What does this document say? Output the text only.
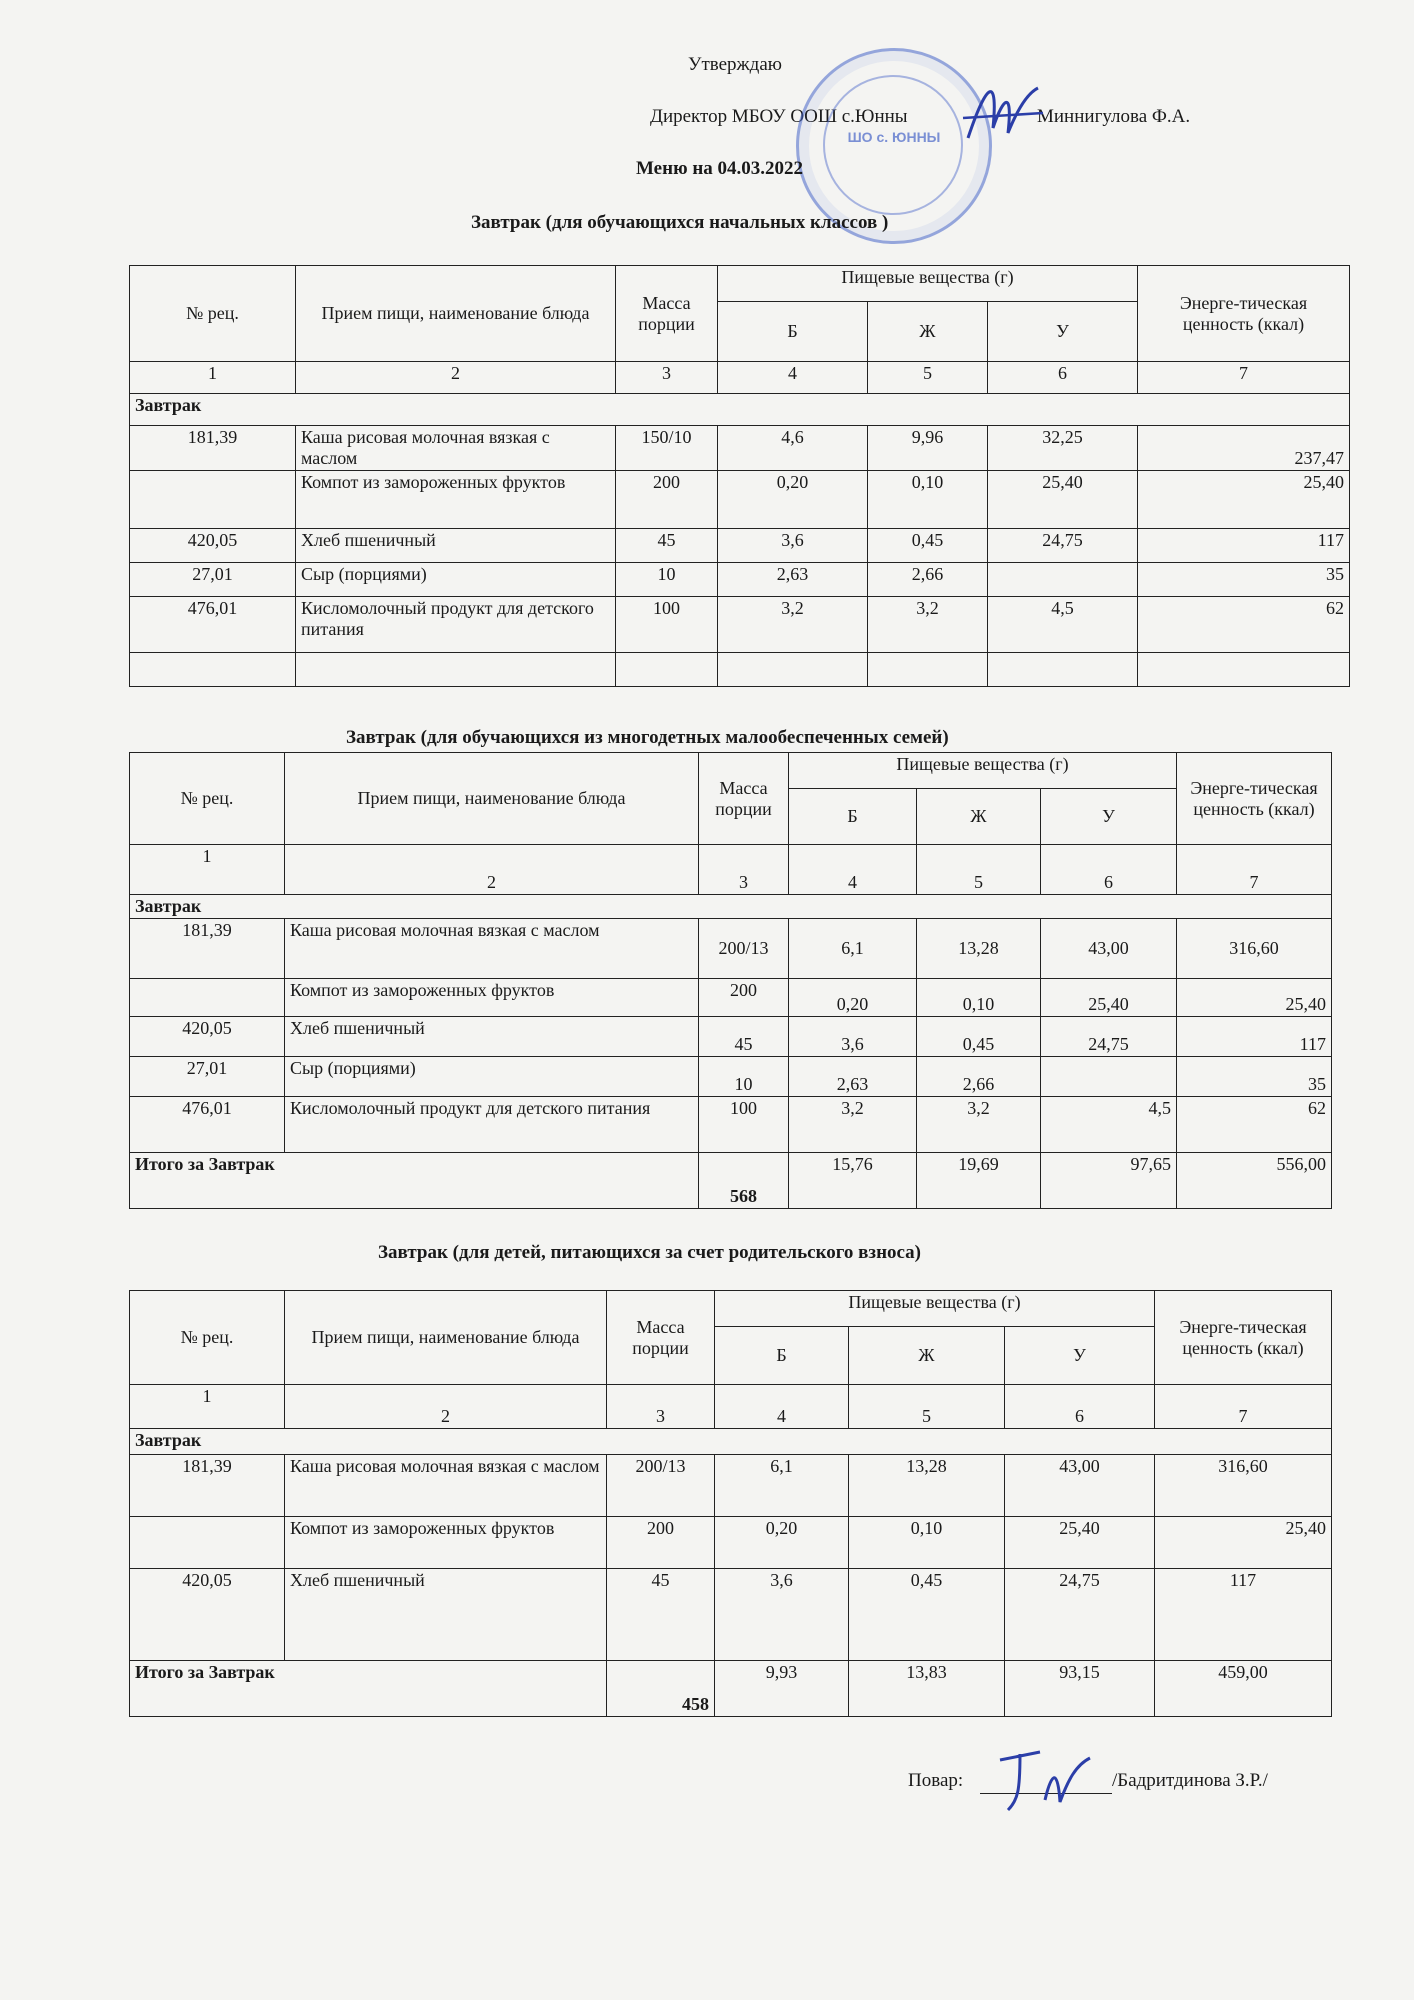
Утверждаю
Директор МБОУ ООШ с.Юнны	Миннигулова Ф.А.
ШО с. ЮННЫ
Меню на 04.03.2022
Завтрак (для обучающихся начальных классов )
№ рец.	Прием пищи, наименование блюда	Масса порции	Пищевые вещества (г)			Энерге-тическая ценность (ккал)
			Б	Ж	У	
1	2	3	4	5	6	7
Завтрак						
181,39	Каша рисовая молочная вязкая с маслом	150/10	4,6	9,96	32,25	237,47
	Компот из замороженных фруктов	200	0,20	0,10	25,40	25,40
420,05	Хлеб пшеничный	45	3,6	0,45	24,75	117
27,01	Сыр (порциями)	10	2,63	2,66		35
476,01	Кисломолочный продукт для детского питания	100	3,2	3,2	4,5	62

Завтрак (для обучающихся из многодетных малообеспеченных семей)
№ рец.	Прием пищи, наименование блюда	Масса порции	Пищевые вещества (г)			Энерге-тическая ценность (ккал)
			Б	Ж	У	
1	2	3	4	5	6	7
Завтрак						
181,39	Каша рисовая молочная вязкая с маслом	200/13	6,1	13,28	43,00	316,60
	Компот из замороженных фруктов	200	0,20	0,10	25,40	25,40
420,05	Хлеб пшеничный	45	3,6	0,45	24,75	117
27,01	Сыр (порциями)	10	2,63	2,66		35
476,01	Кисломолочный продукт для детского питания	100	3,2	3,2	4,5	62
Итого за Завтрак		568	15,76	19,69	97,65	556,00
Завтрак (для детей, питающихся за счет родительского взноса)
№ рец.	Прием пищи, наименование блюда	Масса порции	Пищевые вещества (г)			Энерге-тическая ценность (ккал)
			Б	Ж	У	
1	2	3	4	5	6	7
Завтрак						
181,39	Каша рисовая молочная вязкая с маслом	200/13	6,1	13,28	43,00	316,60
	Компот из замороженных фруктов	200	0,20	0,10	25,40	25,40
420,05	Хлеб пшеничный	45	3,6	0,45	24,75	117
Итого за Завтрак		458	9,93	13,83	93,15	459,00
Повар:	/Бадритдинова З.Р./
